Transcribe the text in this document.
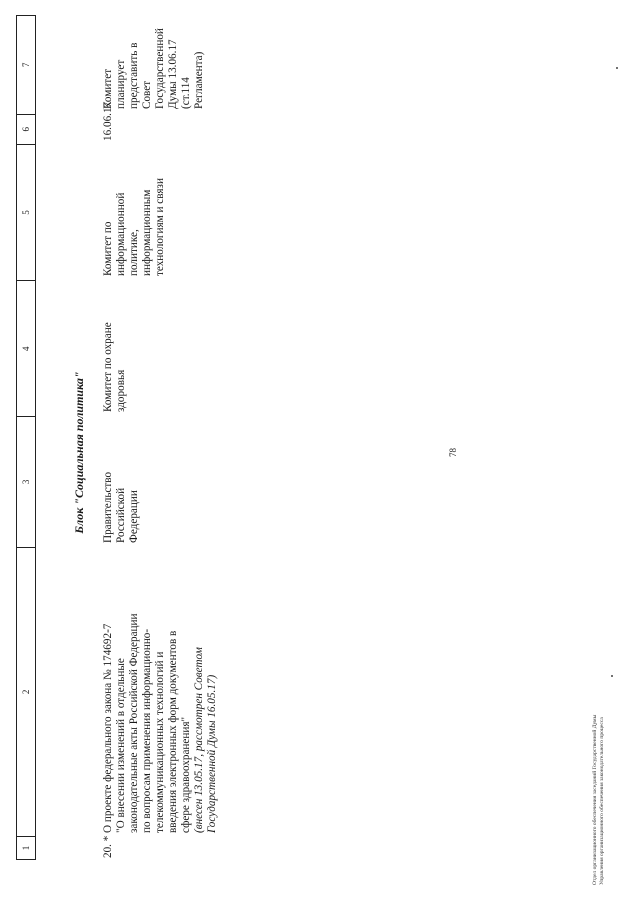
78
1
2
3
4
5
6
7
Блок "Социальная политика"
20. *
О проекте федерального закона № 174692-7 "О внесении изменений в отдельные законодательные акты Российской Федерации по вопросам применения информационно- телекоммуникационных технологий и введения электронных форм документов в сфере здравоохранения" (внесен 13.05.17, рассмотрен Советом Государственной Думы 16.05.17)
Правительство Российской Федерации
Комитет по охране здоровья
Комитет по информационной политике, информационным технологиям и связи
16.06.17
Комитет планирует представить в Совет Государственной Думы 13.06.17 (ст.114 Регламента)
Отдел организационного обеспечения заседаний Государственной Думы Управления организационного обеспечения законодательного процесса
